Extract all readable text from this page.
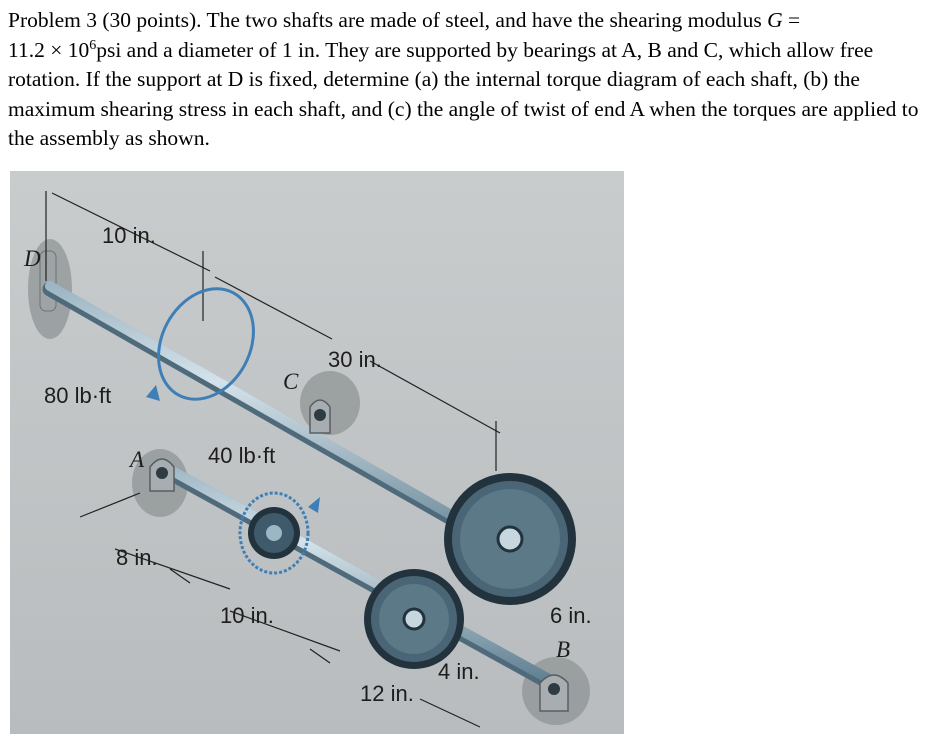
Problem 3 (30 points). The two shafts are made of steel, and have the shearing modulus G =
$11.2 \times 10^6psi$ and a diameter of 1 in. They are supported by bearings at A, B and C, which allow free rotation. If the support at D is fixed, determine (a) the internal torque diagram of each shaft, (b) the maximum shearing stress in each shaft, and (c) the angle of twist of end A when the torques are applied to the assembly as shown.

D
10 in.
C
30 in.
80 lb·ft
A	40 lb·ft
8 in.
10 in.	6 in.
B
4 in.
12 in.
